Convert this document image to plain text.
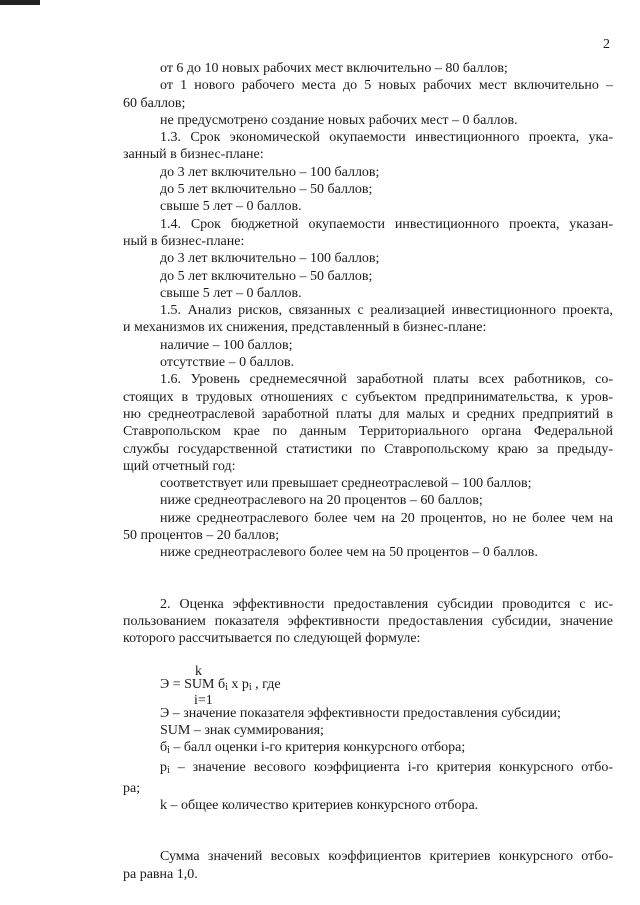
2

от 6 до 10 новых рабочих мест включительно – 80 баллов;

от 1 нового рабочего места до 5 новых рабочих мест включительно –

60 баллов;

не предусмотрено создание новых рабочих мест – 0 баллов.

1.3. Срок экономической окупаемости инвестиционного проекта, ука-

занный в бизнес-плане:

до 3 лет включительно – 100 баллов;

до 5 лет включительно – 50 баллов;

свыше 5 лет – 0 баллов.

1.4. Срок бюджетной окупаемости инвестиционного проекта, указан-

ный в бизнес-плане:

до 3 лет включительно – 100 баллов;

до 5 лет включительно – 50 баллов;

свыше 5 лет – 0 баллов.

1.5. Анализ рисков, связанных с реализацией инвестиционного проекта,

и механизмов их снижения, представленный в бизнес-плане:

наличие – 100 баллов;

отсутствие – 0 баллов.

1.6. Уровень среднемесячной заработной платы всех работников, со-

стоящих в трудовых отношениях с субъектом предпринимательства, к уров-

ню среднеотраслевой заработной платы для малых и средних предприятий в

Ставропольском крае по данным Территориального органа Федеральной

службы государственной статистики по Ставропольскому краю за предыду-

щий отчетный год:

соответствует или превышает среднеотраслевой – 100 баллов;

ниже среднеотраслевого на 20 процентов – 60 баллов;

ниже среднеотраслевого более чем на 20 процентов, но не более чем на

50 процентов – 20 баллов;

ниже среднеотраслевого более чем на 50 процентов – 0 баллов.

2. Оценка эффективности предоставления субсидии проводится с ис-

пользованием показателя эффективности предоставления субсидии, значение

которого рассчитывается по следующей формуле:

k
Э = SUM $б_i$ x $p_i$ , где
i=1

Э – значение показателя эффективности предоставления субсидии;

SUM – знак суммирования;

$б_i$ – балл оценки i-го критерия конкурсного отбора;

$p_i$ – значение весового коэффициента i-го критерия конкурсного отбо-

ра;

k – общее количество критериев конкурсного отбора.

Сумма значений весовых коэффициентов критериев конкурсного отбо-

ра равна 1,0.
